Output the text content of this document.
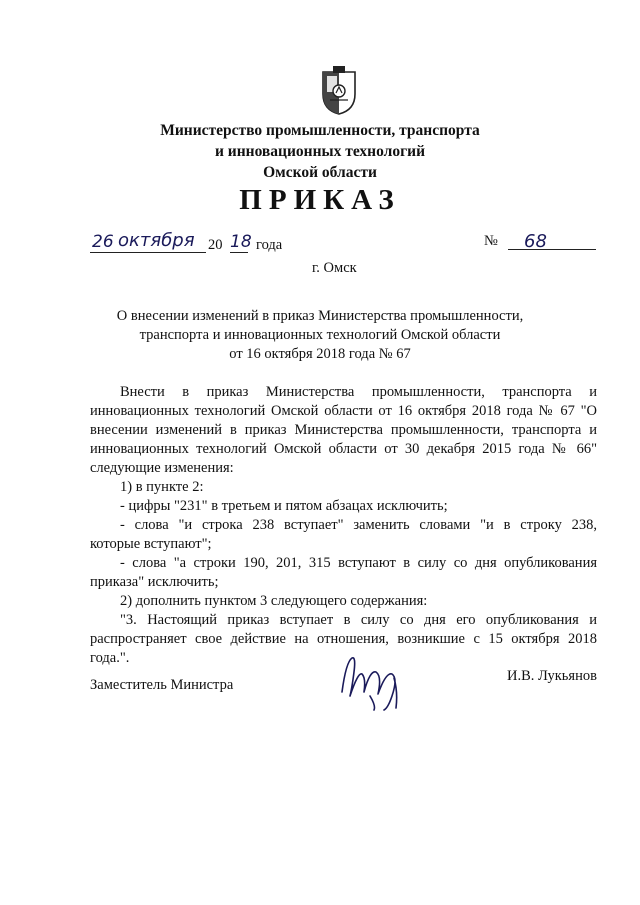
Министерство промышленности, транспорта
и инновационных технологий
Омской области
ПРИКАЗ
26 октября 20 18 года	№ 68
г. Омск
О внесении изменений в приказ Министерства промышленности,
транспорта и инновационных технологий Омской области
от 16 октября 2018 года № 67
Внести в приказ Министерства промышленности, транспорта и
инновационных технологий Омской области от 16 октября 2018 года № 67 "О
внесении изменений в приказ Министерства промышленности, транспорта и
инновационных технологий Омской области от 30 декабря 2015 года № 66"
следующие изменения:
1) в пункте 2:
- цифры "231" в третьем и пятом абзацах исключить;
- слова "и строка 238 вступает" заменить словами "и в строку 238,
которые вступают";
- слова "а строки 190, 201, 315 вступают в силу со дня опубликования
приказа" исключить;
2) дополнить пунктом 3 следующего содержания:
"3. Настоящий приказ вступает в силу со дня его опубликования и
распространяет свое действие на отношения, возникшие с 15 октября 2018
года.".
Заместитель Министра
И.В. Лукьянов
